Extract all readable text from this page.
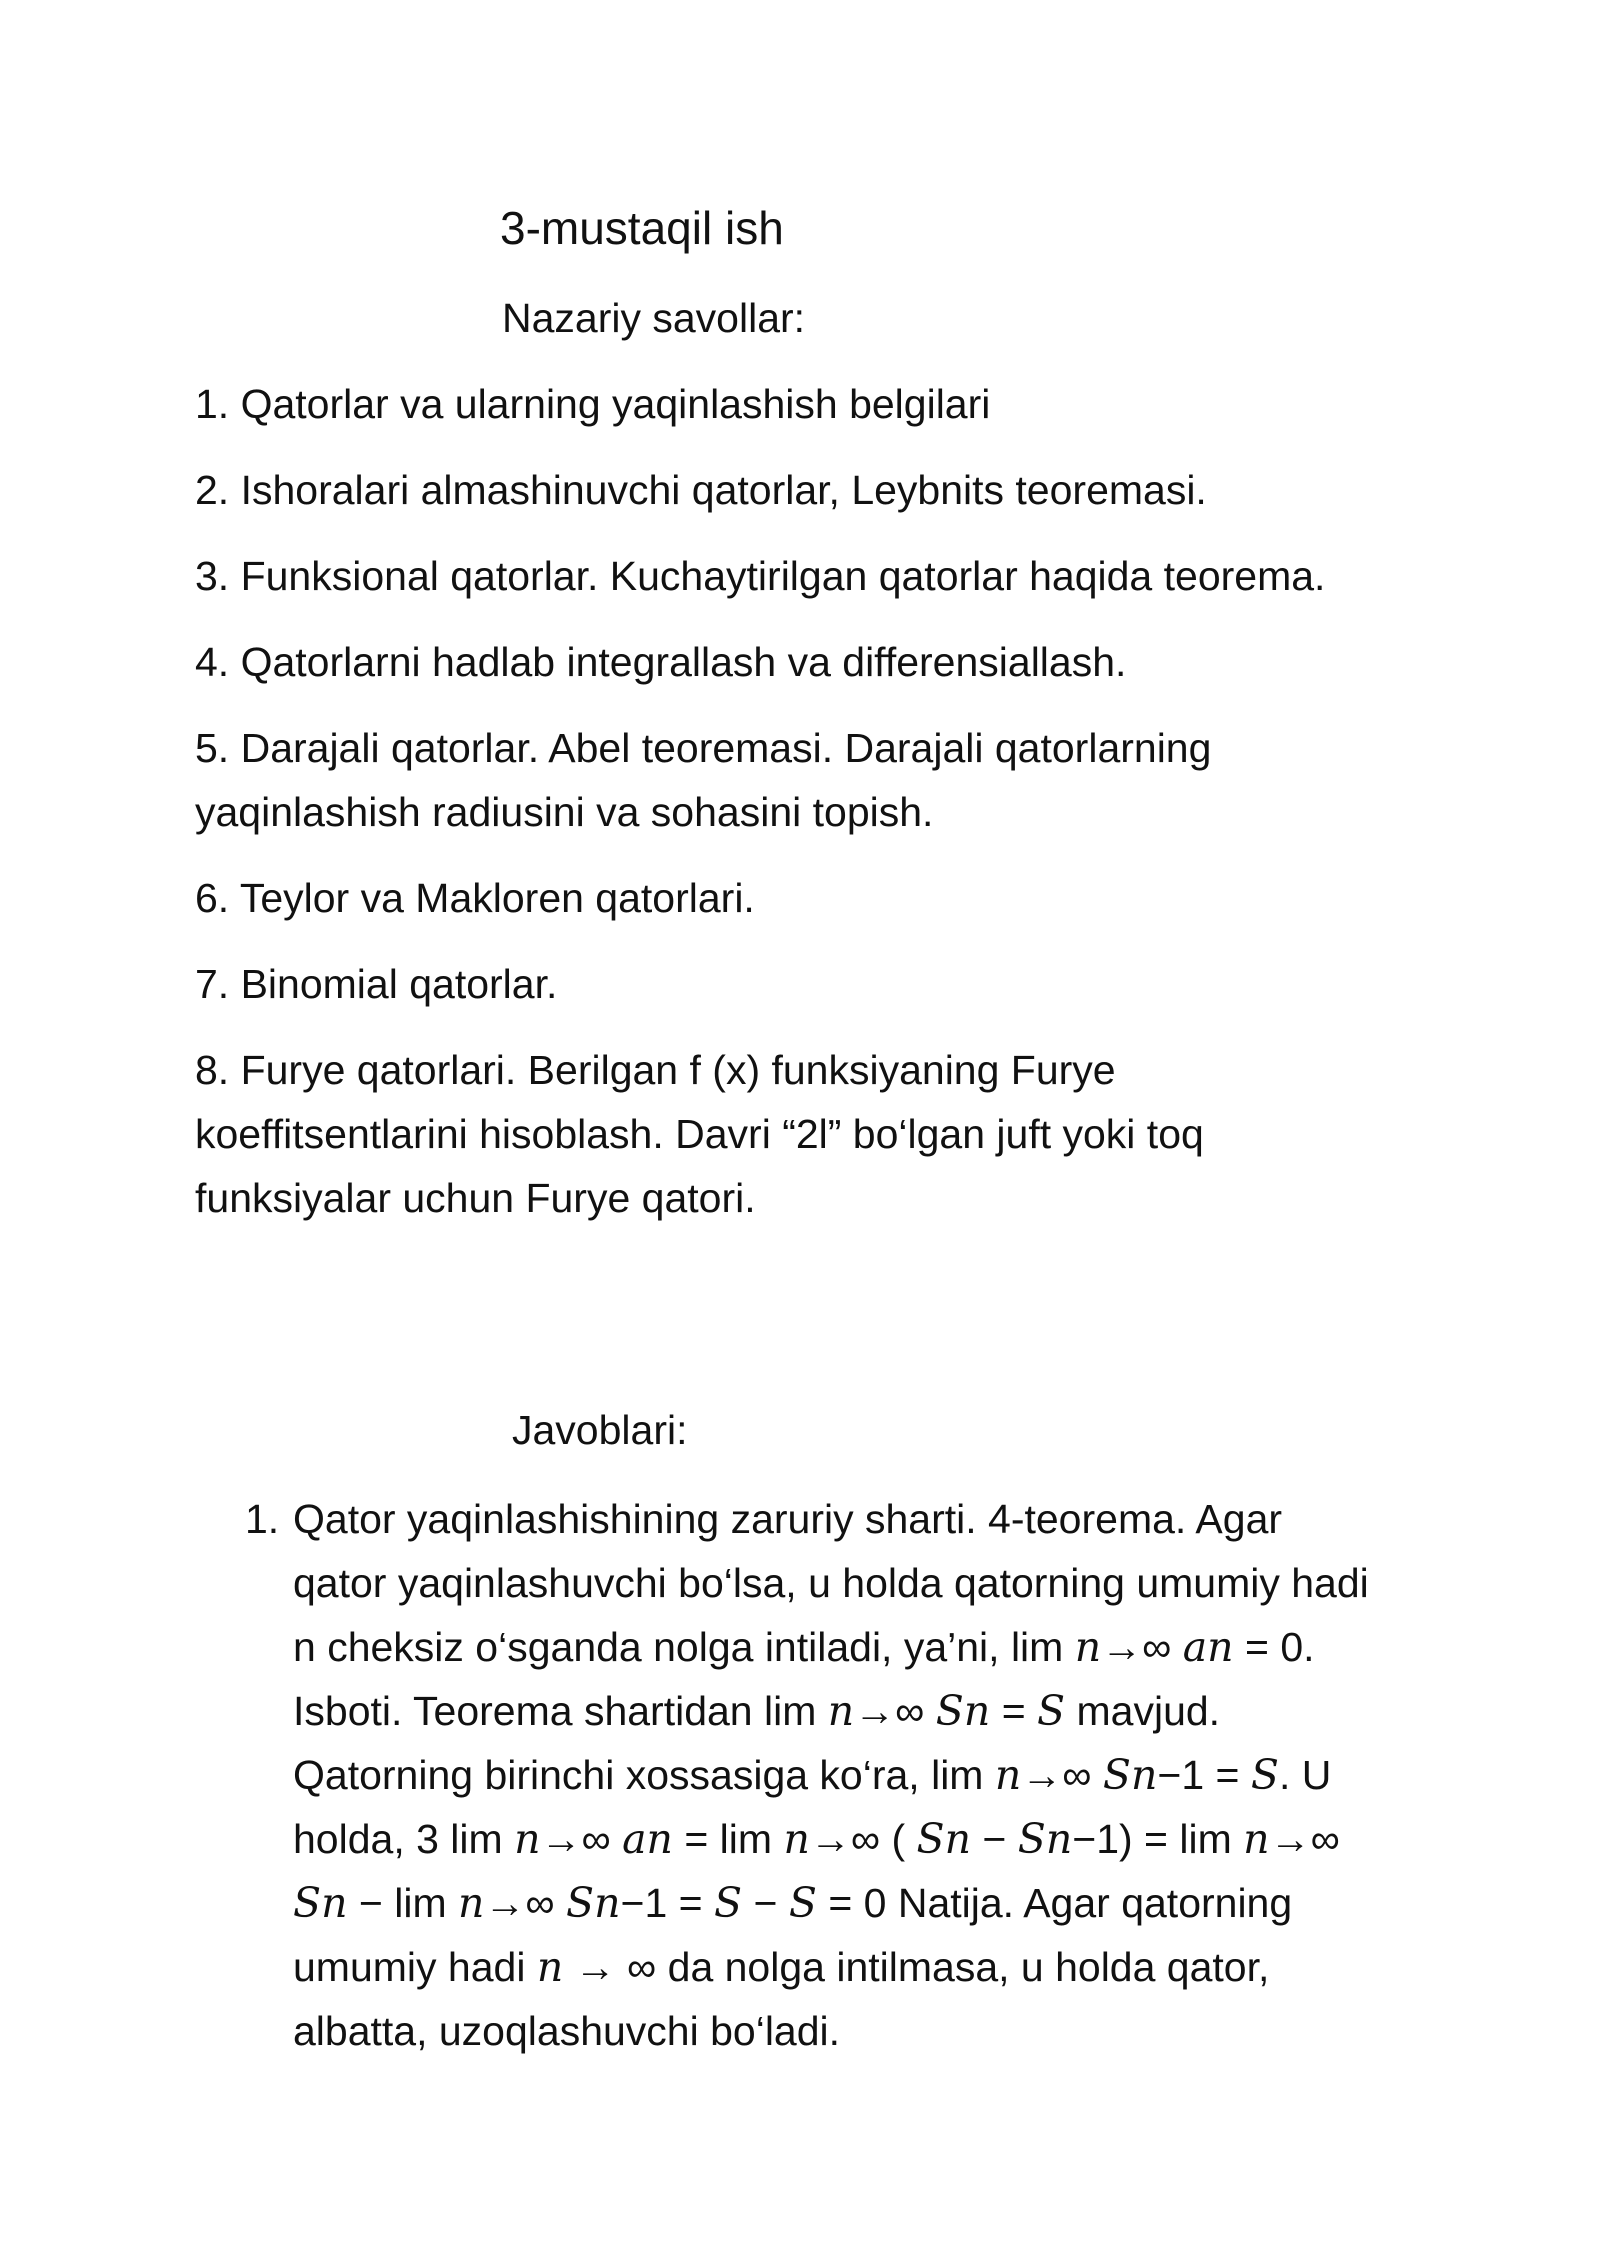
3-mustaqil ish
Nazariy savollar:
1. Qatorlar va ularning yaqinlashish belgilari
2. Ishoralari almashinuvchi qatorlar, Leybnits teoremasi.
3. Funksional qatorlar. Kuchaytirilgan qatorlar haqida teorema.
4. Qatorlarni hadlab integrallash va differensiallash.
5. Darajali qatorlar. Abel teoremasi. Darajali qatorlarning yaqinlashish radiusini va sohasini topish.
6. Teylor va Makloren qatorlari.
7. Binomial qatorlar.
8. Furye qatorlari. Berilgan f (x) funksiyaning Furye koeffitsentlarini hisoblash. Davri “2l” bo‘lgan juft yoki toq funksiyalar uchun Furye qatori.
Javoblari:
1. Qator yaqinlashishining zaruriy sharti. 4-teorema. Agar qator yaqinlashuvchi bo‘lsa, u holda qatorning umumiy hadi n cheksiz o‘sganda nolga intiladi, ya’ni, lim n→∞ an = 0. Isboti. Teorema shartidan lim n→∞ Sn = S mavjud. Qatorning birinchi xossasiga ko‘ra, lim n→∞ Sn−1 = S. U holda, 3 lim n→∞ an = lim n→∞ ( Sn − Sn−1) = lim n→∞ Sn − lim n→∞ Sn−1 = S − S = 0 Natija. Agar qatorning umumiy hadi n → ∞ da nolga intilmasa, u holda qator, albatta, uzoqlashuvchi bo‘ladi.
